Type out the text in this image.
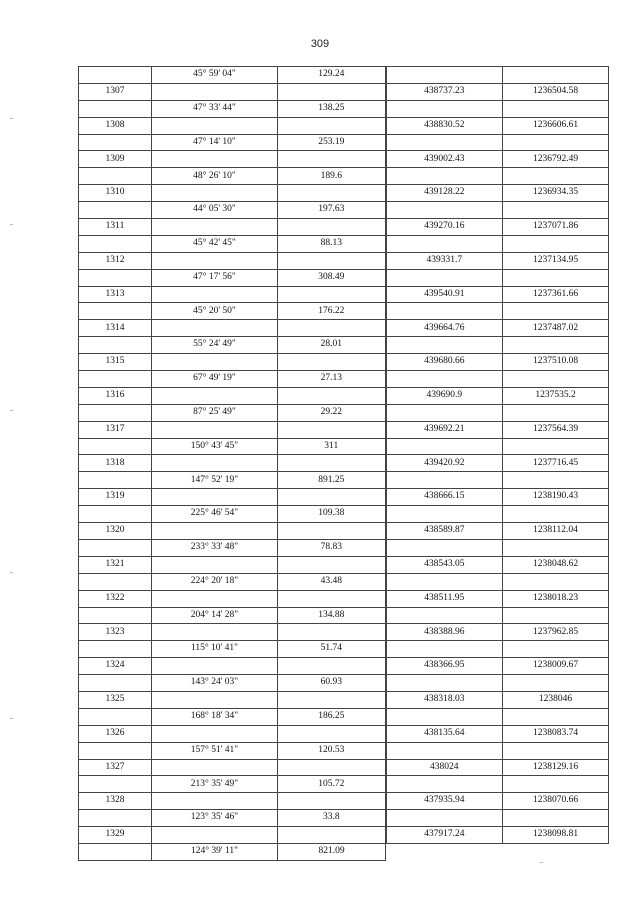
309
	45° 59' 04"	129.24		
1307			438737.23	1236504.58
	47° 33' 44"	138.25		
1308			438830.52	1236606.61
	47° 14' 10"	253.19		
1309			439002.43	1236792.49
	48° 26' 10"	189.6		
1310			439128.22	1236934.35
	44° 05' 30"	197.63		
1311			439270.16	1237071.86
	45° 42' 45"	88.13		
1312			439331.7	1237134.95
	47° 17' 56"	308.49		
1313			439540.91	1237361.66
	45° 20' 50"	176.22		
1314			439664.76	1237487.02
	55° 24' 49"	28.01		
1315			439680.66	1237510.08
	67° 49' 19"	27.13		
1316			439690.9	1237535.2
	87° 25' 49"	29.22		
1317			439692.21	1237564.39
	150° 43' 45"	311		
1318			439420.92	1237716.45
	147° 52' 19"	891.25		
1319			438666.15	1238190.43
	225° 46' 54"	109.38		
1320			438589.87	1238112.04
	233° 33' 48"	78.83		
1321			438543.05	1238048.62
	224° 20' 18"	43.48		
1322			438511.95	1238018.23
	204° 14' 28"	134.88		
1323			438388.96	1237962.85
	115° 10' 41"	51.74		
1324			438366.95	1238009.67
	143° 24' 03"	60.93		
1325			438318.03	1238046
	168° 18' 34"	186.25		
1326			438135.64	1238083.74
	157° 51' 41"	120.53		
1327			438024	1238129.16
	213° 35' 49"	105.72		
1328			437935.94	1238070.66
	123° 35' 46"	33.8		
1329			437917.24	1238098.81
	124° 39' 11"	821.09		
